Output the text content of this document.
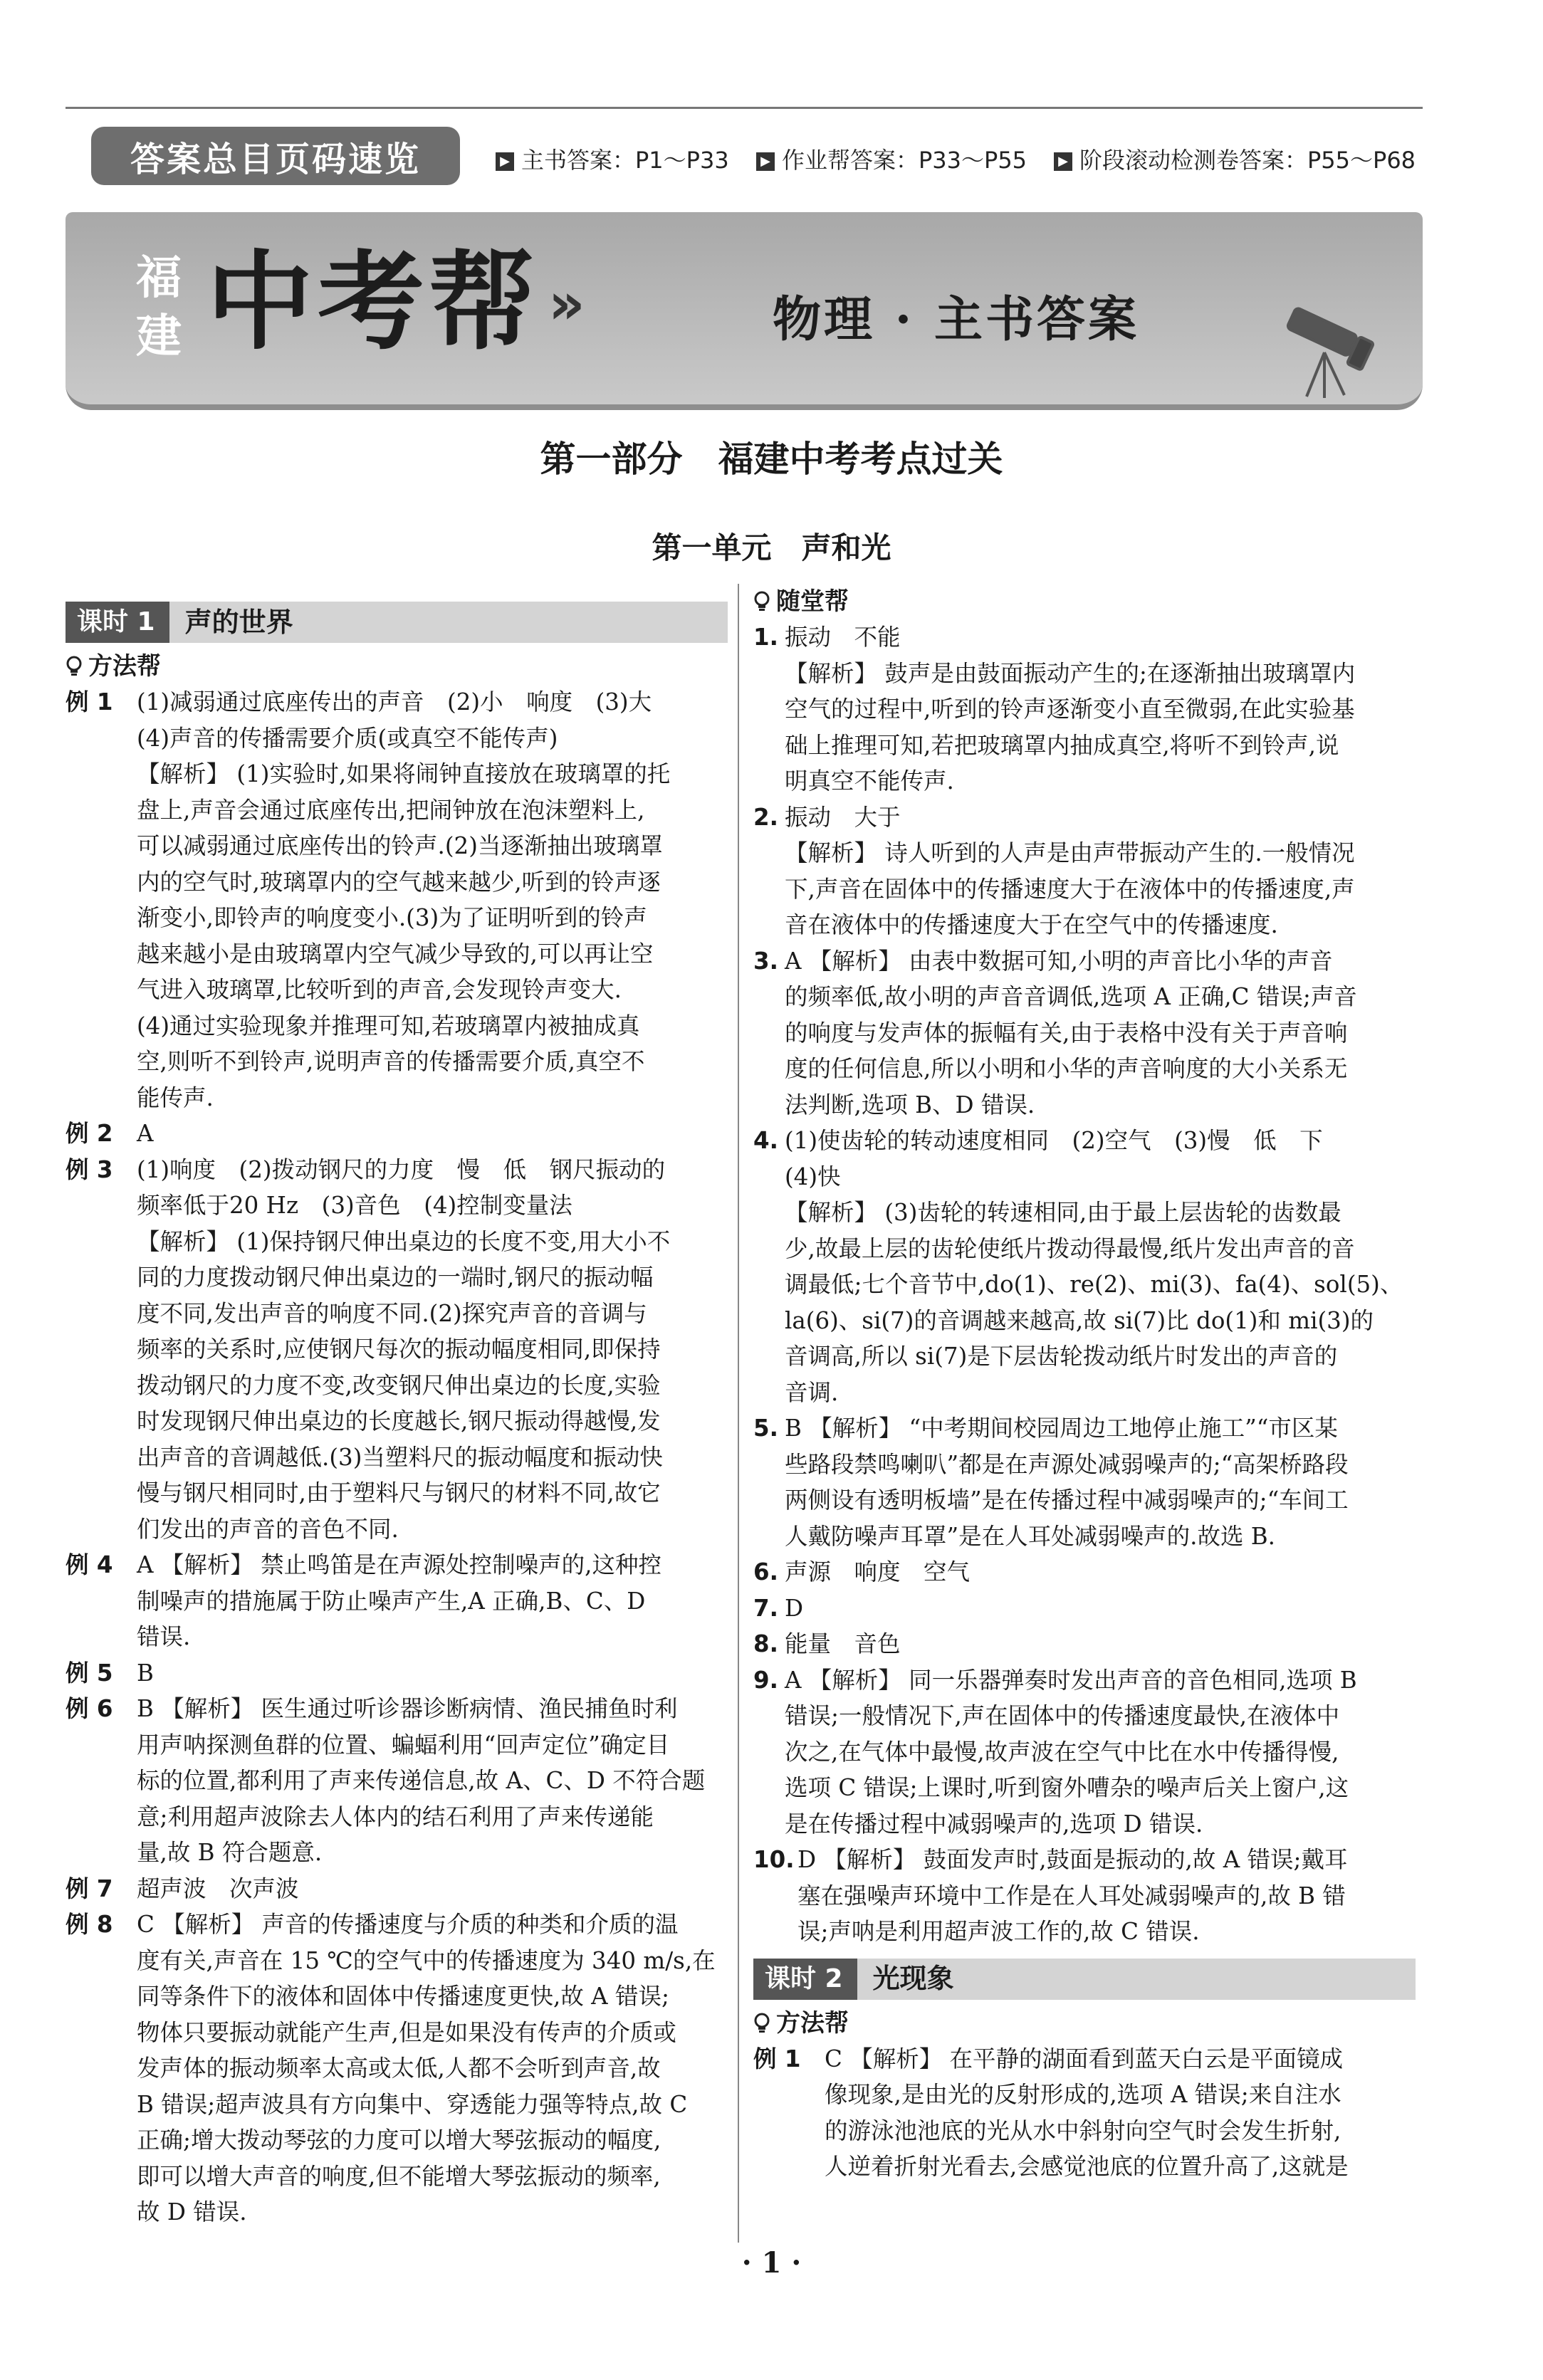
答案总目页码速览	▶ 主书答案：P1～P33	▶ 作业帮答案：P33～P55	▶ 阶段滚动检测卷答案：P55～P68
福
建 中考帮 »	物理 · 主书答案
第一部分　福建中考考点过关
第一单元　声和光
课时 1	声的世界
方法帮
例 1	(1)减弱通过底座传出的声音　(2)小　响度　(3)大

(4)声音的传播需要介质(或真空不能传声)

【解析】 (1)实验时,如果将闹钟直接放在玻璃罩的托

盘上,声音会通过底座传出,把闹钟放在泡沫塑料上,

可以减弱通过底座传出的铃声.(2)当逐渐抽出玻璃罩

内的空气时,玻璃罩内的空气越来越少,听到的铃声逐

渐变小,即铃声的响度变小.(3)为了证明听到的铃声

越来越小是由玻璃罩内空气减少导致的,可以再让空

气进入玻璃罩,比较听到的声音,会发现铃声变大.

(4)通过实验现象并推理可知,若玻璃罩内被抽成真

空,则听不到铃声,说明声音的传播需要介质,真空不

能传声.

例 2	A

例 3	(1)响度　(2)拨动钢尺的力度　慢　低　钢尺振动的

频率低于20 Hz　(3)音色　(4)控制变量法

【解析】 (1)保持钢尺伸出桌边的长度不变,用大小不

同的力度拨动钢尺伸出桌边的一端时,钢尺的振动幅

度不同,发出声音的响度不同.(2)探究声音的音调与

频率的关系时,应使钢尺每次的振动幅度相同,即保持

拨动钢尺的力度不变,改变钢尺伸出桌边的长度,实验

时发现钢尺伸出桌边的长度越长,钢尺振动得越慢,发

出声音的音调越低.(3)当塑料尺的振动幅度和振动快

慢与钢尺相同时,由于塑料尺与钢尺的材料不同,故它

们发出的声音的音色不同.

例 4	A 【解析】 禁止鸣笛是在声源处控制噪声的,这种控

制噪声的措施属于防止噪声产生,A 正确,B、C、D

错误.

例 5	B

例 6	B 【解析】 医生通过听诊器诊断病情、渔民捕鱼时利

用声呐探测鱼群的位置、蝙蝠利用“回声定位”确定目

标的位置,都利用了声来传递信息,故 A、C、D 不符合题

意;利用超声波除去人体内的结石利用了声来传递能

量,故 B 符合题意.

例 7	超声波　次声波

例 8	C 【解析】 声音的传播速度与介质的种类和介质的温

度有关,声音在 15 ℃的空气中的传播速度为 340 m/s,在

同等条件下的液体和固体中传播速度更快,故 A 错误;

物体只要振动就能产生声,但是如果没有传声的介质或

发声体的振动频率太高或太低,人都不会听到声音,故

B 错误;超声波具有方向集中、穿透能力强等特点,故 C

正确;增大拨动琴弦的力度可以增大琴弦振动的幅度,

即可以增大声音的响度,但不能增大琴弦振动的频率,

故 D 错误.

随堂帮
1. 振动　不能

【解析】 鼓声是由鼓面振动产生的;在逐渐抽出玻璃罩内

空气的过程中,听到的铃声逐渐变小直至微弱,在此实验基

础上推理可知,若把玻璃罩内抽成真空,将听不到铃声,说

明真空不能传声.

2. 振动　大于

【解析】 诗人听到的人声是由声带振动产生的.一般情况

下,声音在固体中的传播速度大于在液体中的传播速度,声

音在液体中的传播速度大于在空气中的传播速度.

3. A 【解析】 由表中数据可知,小明的声音比小华的声音

的频率低,故小明的声音音调低,选项 A 正确,C 错误;声音

的响度与发声体的振幅有关,由于表格中没有关于声音响

度的任何信息,所以小明和小华的声音响度的大小关系无

法判断,选项 B、D 错误.

4. (1)使齿轮的转动速度相同　(2)空气　(3)慢　低　下

(4)快

【解析】 (3)齿轮的转速相同,由于最上层齿轮的齿数最

少,故最上层的齿轮使纸片拨动得最慢,纸片发出声音的音

调最低;七个音节中,do(1)、re(2)、mi(3)、fa(4)、sol(5)、

la(6)、si(7)的音调越来越高,故 si(7)比 do(1)和 mi(3)的

音调高,所以 si(7)是下层齿轮拨动纸片时发出的声音的

音调.

5. B 【解析】 “中考期间校园周边工地停止施工”“市区某

些路段禁鸣喇叭”都是在声源处减弱噪声的;“高架桥路段

两侧设有透明板墙”是在传播过程中减弱噪声的;“车间工

人戴防噪声耳罩”是在人耳处减弱噪声的.故选 B.

6. 声源　响度　空气

7. D

8. 能量　音色

9. A 【解析】 同一乐器弹奏时发出声音的音色相同,选项 B

错误;一般情况下,声在固体中的传播速度最快,在液体中

次之,在气体中最慢,故声波在空气中比在水中传播得慢,

选项 C 错误;上课时,听到窗外嘈杂的噪声后关上窗户,这

是在传播过程中减弱噪声的,选项 D 错误.

10. D 【解析】 鼓面发声时,鼓面是振动的,故 A 错误;戴耳

塞在强噪声环境中工作是在人耳处减弱噪声的,故 B 错

误;声呐是利用超声波工作的,故 C 错误.

课时 2	光现象
方法帮
例 1	C 【解析】 在平静的湖面看到蓝天白云是平面镜成

像现象,是由光的反射形成的,选项 A 错误;来自注水

的游泳池池底的光从水中斜射向空气时会发生折射,

人逆着折射光看去,会感觉池底的位置升高了,这就是

· 1 ·
